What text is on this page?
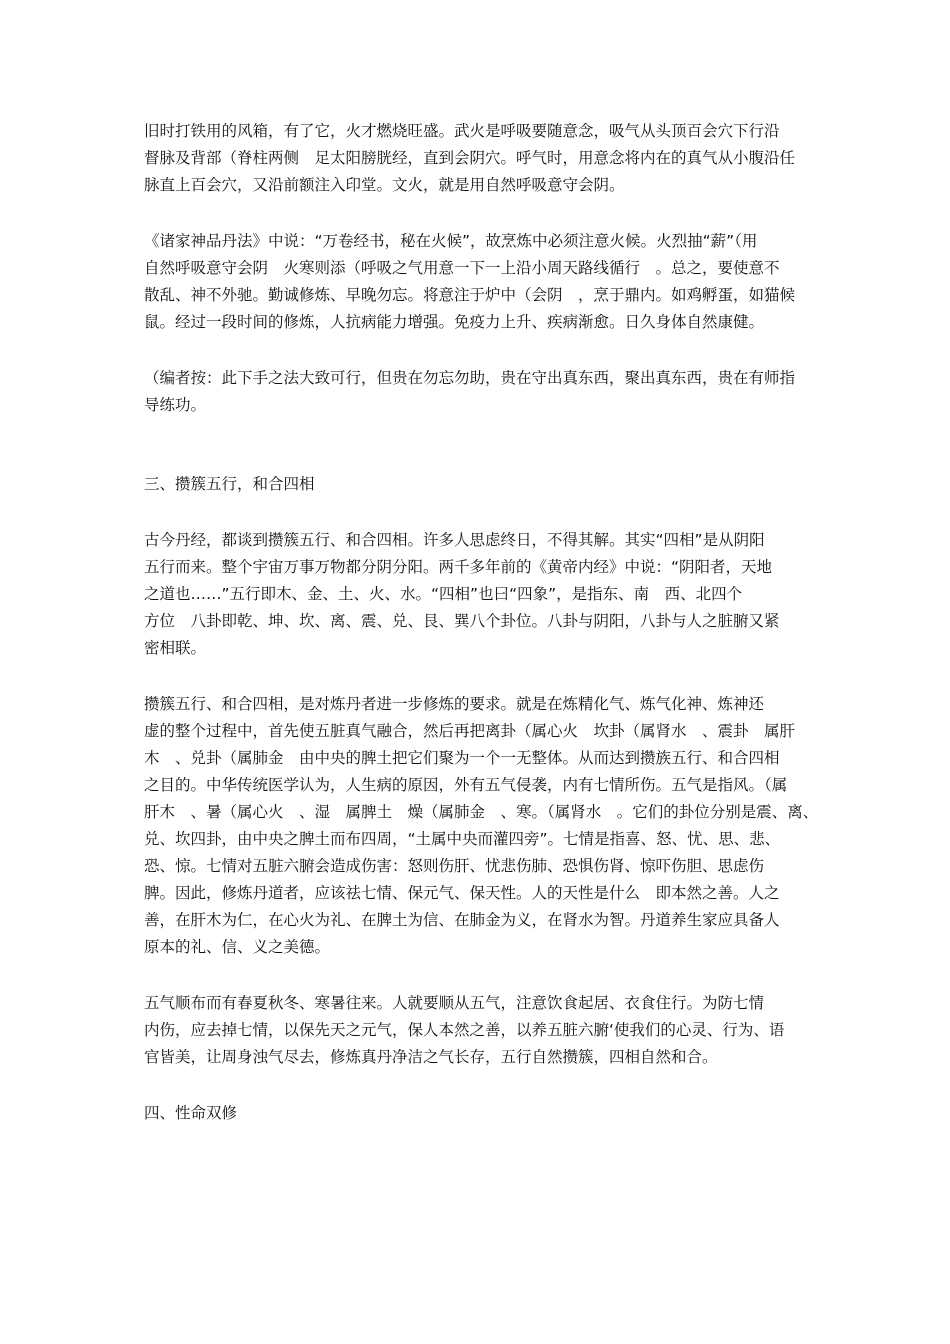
旧时打铁用的风箱，有了它，火才燃烧旺盛。武火是呼吸要随意念，吸气从头顶百会穴下行沿
督脉及背部（脊柱两侧　足太阳膀胱经，直到会阴穴。呼气时，用意念将内在的真气从小腹沿任
脉直上百会穴，又沿前额注入印堂。文火，就是用自然呼吸意守会阴。

《诸家神品丹法》中说：“万卷经书，秘在火候”，故烹炼中必须注意火候。火烈抽“薪”（用
自然呼吸意守会阴　火寒则添（呼吸之气用意一下一上沿小周天路线循行　。总之，要使意不
散乱、神不外驰。勤诚修炼、早晚勿忘。将意注于炉中（会阴　，烹于鼎内。如鸡孵蛋，如猫候
鼠。经过一段时间的修炼，人抗病能力增强。免疫力上升、疾病渐愈。日久身体自然康健。

（编者按：此下手之法大致可行，但贵在勿忘勿助，贵在守出真东西，聚出真东西，贵在有师指
导练功。

三、攒簇五行，和合四相

古今丹经，都谈到攒簇五行、和合四相。许多人思虑终日，不得其解。其实“四相”是从阴阳
五行而来。整个宇宙万事万物都分阴分阳。两千多年前的《黄帝内经》中说：“阴阳者，天地
之道也……”五行即木、金、土、火、水。“四相”也曰“四象”，是指东、南　西、北四个
方位　八卦即乾、坤、坎、离、震、兑、艮、巽八个卦位。八卦与阴阳，八卦与人之脏腑又紧
密相联。

攒簇五行、和合四相，是对炼丹者进一步修炼的要求。就是在炼精化气、炼气化神、炼神还
虚的整个过程中，首先使五脏真气融合，然后再把离卦（属心火　坎卦（属肾水　、震卦　属肝
木　、兑卦（属肺金　由中央的脾土把它们聚为一个一无整体。从而达到攒族五行、和合四相
之目的。中华传统医学认为，人生病的原因，外有五气侵袭，内有七情所伤。五气是指风。（属
肝木　、暑（属心火　、湿　属脾土　燥（属肺金　、寒。（属肾水　。它们的卦位分别是震、离、
兑、坎四卦，由中央之脾土而布四周，“土属中央而灌四旁”。七情是指喜、怒、忧、思、悲、
恐、惊。七情对五脏六腑会造成伤害：怒则伤肝、忧悲伤肺、恐惧伤肾、惊吓伤胆、思虑伤
脾。因此，修炼丹道者，应该祛七情、保元气、保天性。人的天性是什么　即本然之善。人之
善，在肝木为仁，在心火为礼、在脾土为信、在肺金为义，在肾水为智。丹道养生家应具备人
原本的礼、信、义之美德。

五气顺布而有春夏秋冬、寒暑往来。人就要顺从五气，注意饮食起居、衣食住行。为防七情
内伤，应去掉七情，以保先天之元气，保人本然之善，以养五脏六腑‘使我们的心灵、行为、语
官皆美，让周身浊气尽去，修炼真丹净洁之气长存，五行自然攒簇，四相自然和合。

四、性命双修
